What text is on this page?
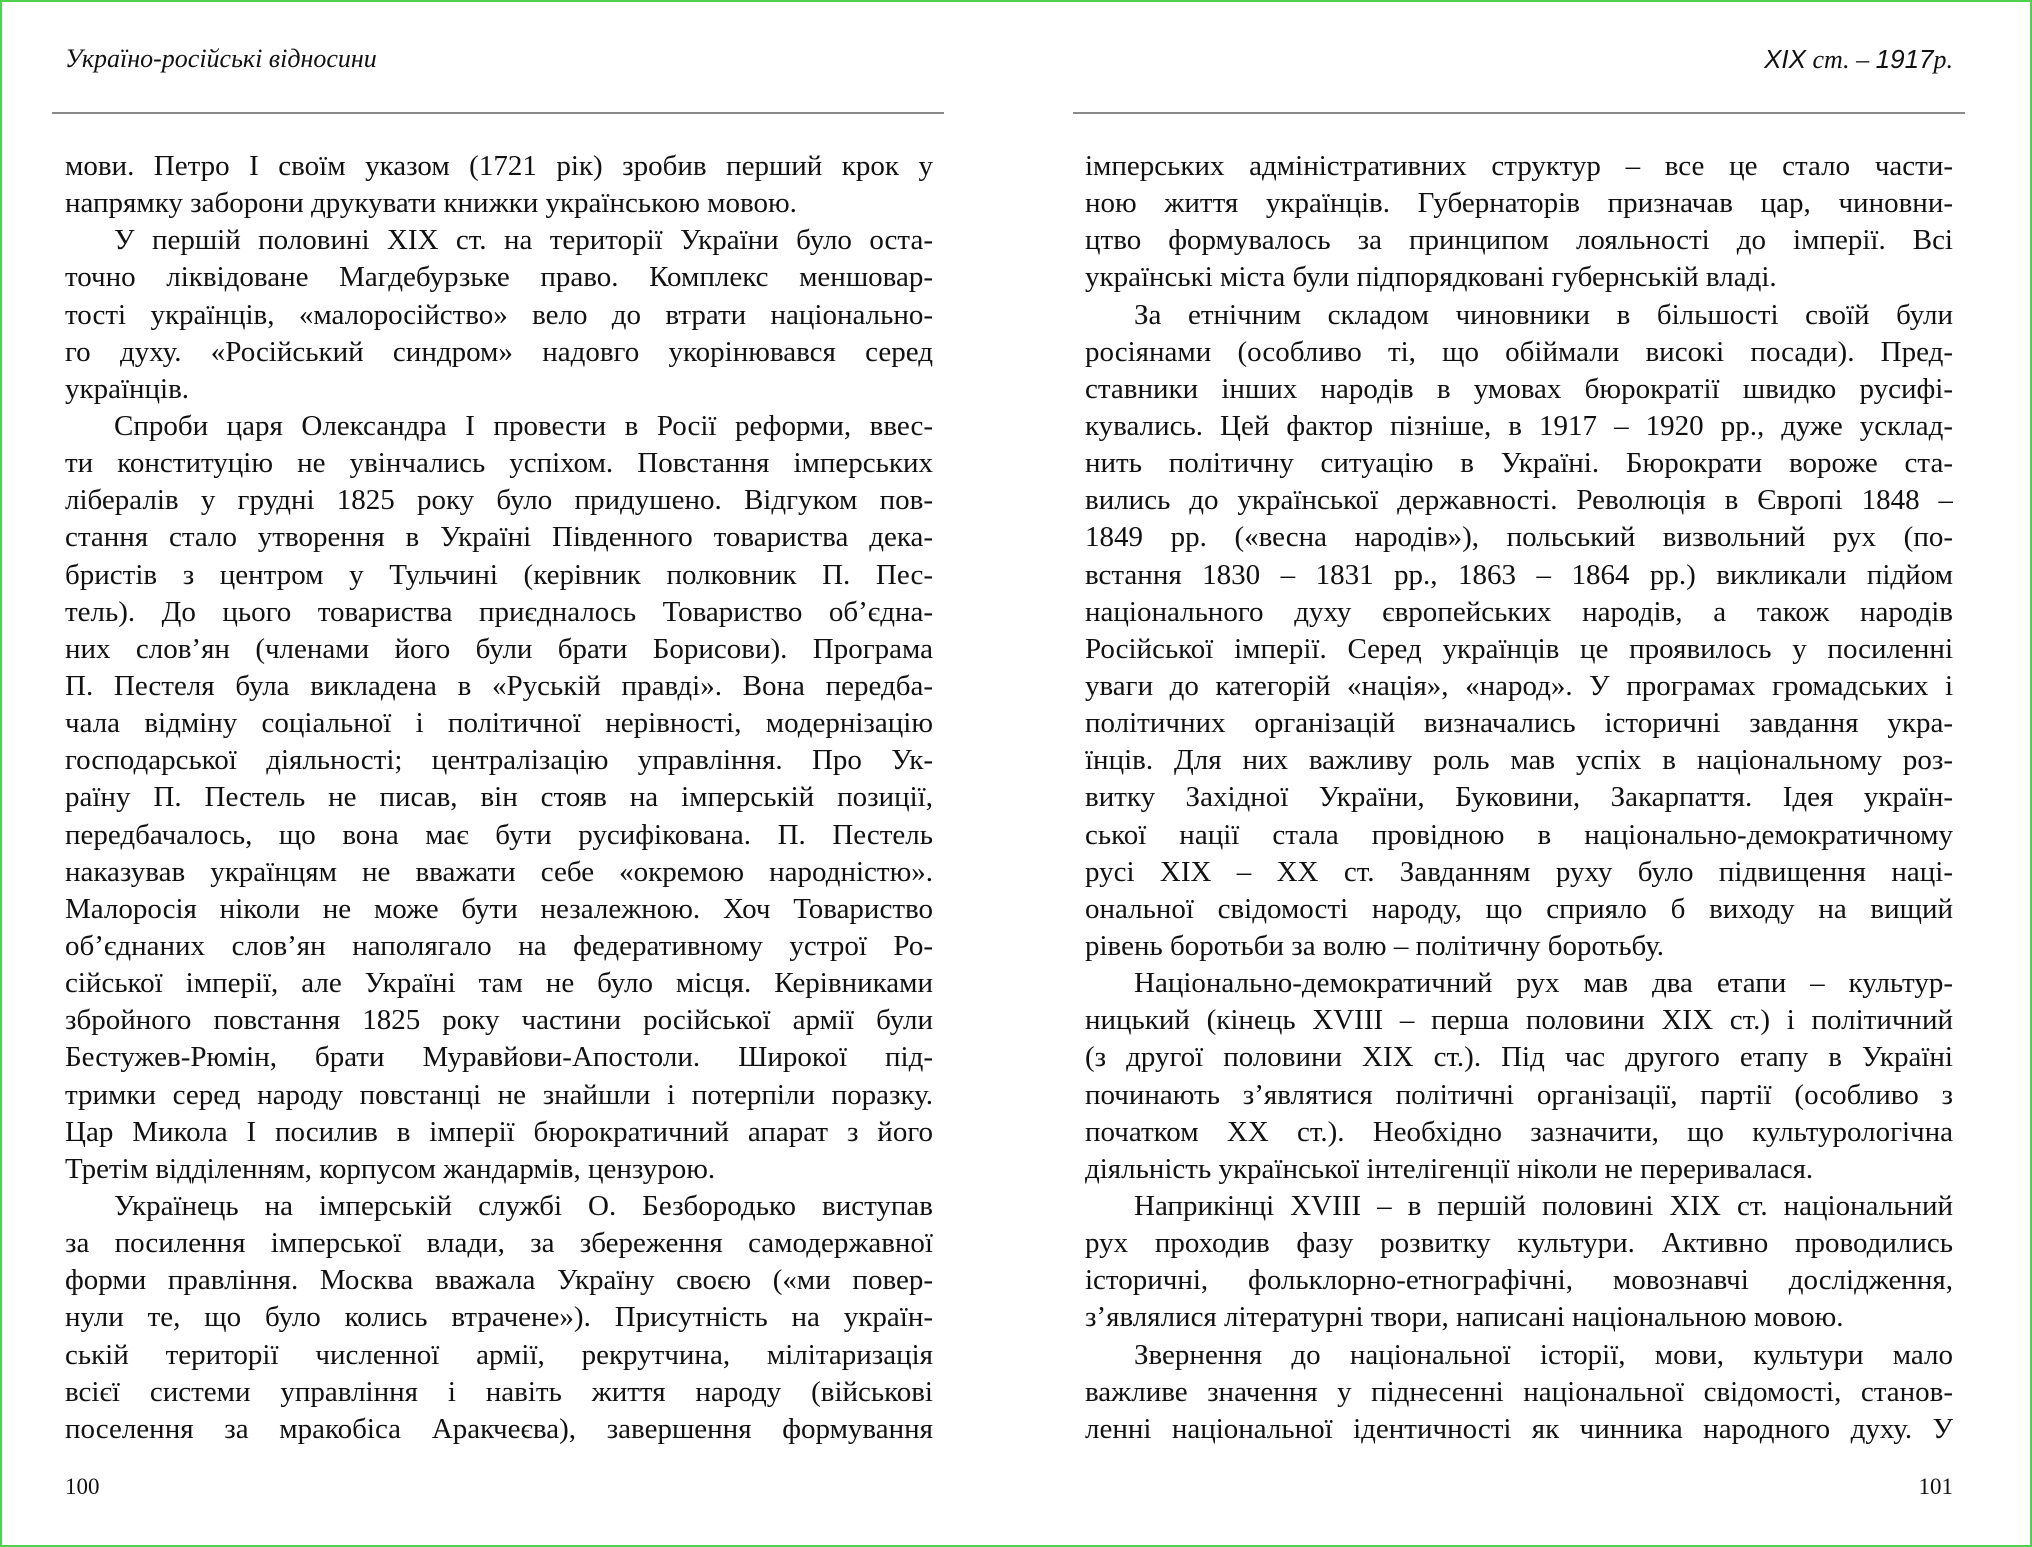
Україно-російські відносини	XIX ст. – 1917р.
мови. Петро I своїм указом (1721 рік) зробив перший крок у
напрямку заборони друкувати книжки українською мовою.
У першій половині XIX ст. на території України було оста-
точно ліквідоване Магдебурзьке право. Комплекс меншовар-
тості українців, «малоросійство» вело до втрати національно-
го духу. «Російський синдром» надовго укорінювався серед
українців.
Спроби царя Олександра I провести в Росії реформи, ввес-
ти конституцію не увінчались успіхом. Повстання імперських
лібералів у грудні 1825 року було придушено. Відгуком пов-
стання стало утворення в Україні Південного товариства дека-
бристів з центром у Тульчині (керівник полковник П. Пес-
тель). До цього товариства приєдналось Товариство об’єдна-
них слов’ян (членами його були брати Борисови). Програма
П. Пестеля була викладена в «Руській правді». Вона передба-
чала відміну соціальної і політичної нерівності, модернізацію
господарської діяльності; централізацію управління. Про Ук-
раїну П. Пестель не писав, він стояв на імперській позиції,
передбачалось, що вона має бути русифікована. П. Пестель
наказував українцям не вважати себе «окремою народністю».
Малоросія ніколи не може бути незалежною. Хоч Товариство
об’єднаних слов’ян наполягало на федеративному устрої Ро-
сійської імперії, але Україні там не було місця. Керівниками
збройного повстання 1825 року частини російської армії були
Бестужев-Рюмін, брати Муравйови-Апостоли. Широкої під-
тримки серед народу повстанці не знайшли і потерпіли поразку.
Цар Микола I посилив в імперії бюрократичний апарат з його
Третім відділенням, корпусом жандармів, цензурою.
Українець на імперській службі О. Безбородько виступав
за посилення імперської влади, за збереження самодержавної
форми правління. Москва вважала Україну своєю («ми повер-
нули те, що було колись втрачене»). Присутність на україн-
ській території численної армії, рекрутчина, мілітаризація
всієї системи управління і навіть життя народу (військові
поселення за мракобіса Аракчеєва), завершення формування
імперських адміністративних структур – все це стало части-
ною життя українців. Губернаторів призначав цар, чиновни-
цтво формувалось за принципом лояльності до імперії. Всі
українські міста були підпорядковані губернській владі.
За етнічним складом чиновники в більшості своїй були
росіянами (особливо ті, що обіймали високі посади). Пред-
ставники інших народів в умовах бюрократії швидко русифі-
кувались. Цей фактор пізніше, в 1917 – 1920 рр., дуже усклад-
нить політичну ситуацію в Україні. Бюрократи вороже ста-
вились до української державності. Революція в Європі 1848 –
1849 рр. («весна народів»), польський визвольний рух (по-
встання 1830 – 1831 рр., 1863 – 1864 рр.) викликали підйом
національного духу європейських народів, а також народів
Російської імперії. Серед українців це проявилось у посиленні
уваги до категорій «нація», «народ». У програмах громадських і
політичних організацій визначались історичні завдання укра-
їнців. Для них важливу роль мав успіх в національному роз-
витку Західної України, Буковини, Закарпаття. Ідея україн-
ської нації стала провідною в національно-демократичному
русі XIX – XX ст. Завданням руху було підвищення наці-
ональної свідомості народу, що сприяло б виходу на вищий
рівень боротьби за волю – політичну боротьбу.
Національно-демократичний рух мав два етапи – культур-
ницький (кінець XVIII – перша половини XIX ст.) і політичний
(з другої половини XIX ст.). Під час другого етапу в Україні
починають з’являтися політичні організації, партії (особливо з
початком XX ст.). Необхідно зазначити, що культурологічна
діяльність української інтелігенції ніколи не переривалася.
Наприкінці XVIII – в першій половині XIX ст. національний
рух проходив фазу розвитку культури. Активно проводились
історичні, фольклорно-етнографічні, мовознавчі дослідження,
з’являлися літературні твори, написані національною мовою.
Звернення до національної історії, мови, культури мало
важливе значення у піднесенні національної свідомості, станов-
ленні національної ідентичності як чинника народного духу. У
100	101
